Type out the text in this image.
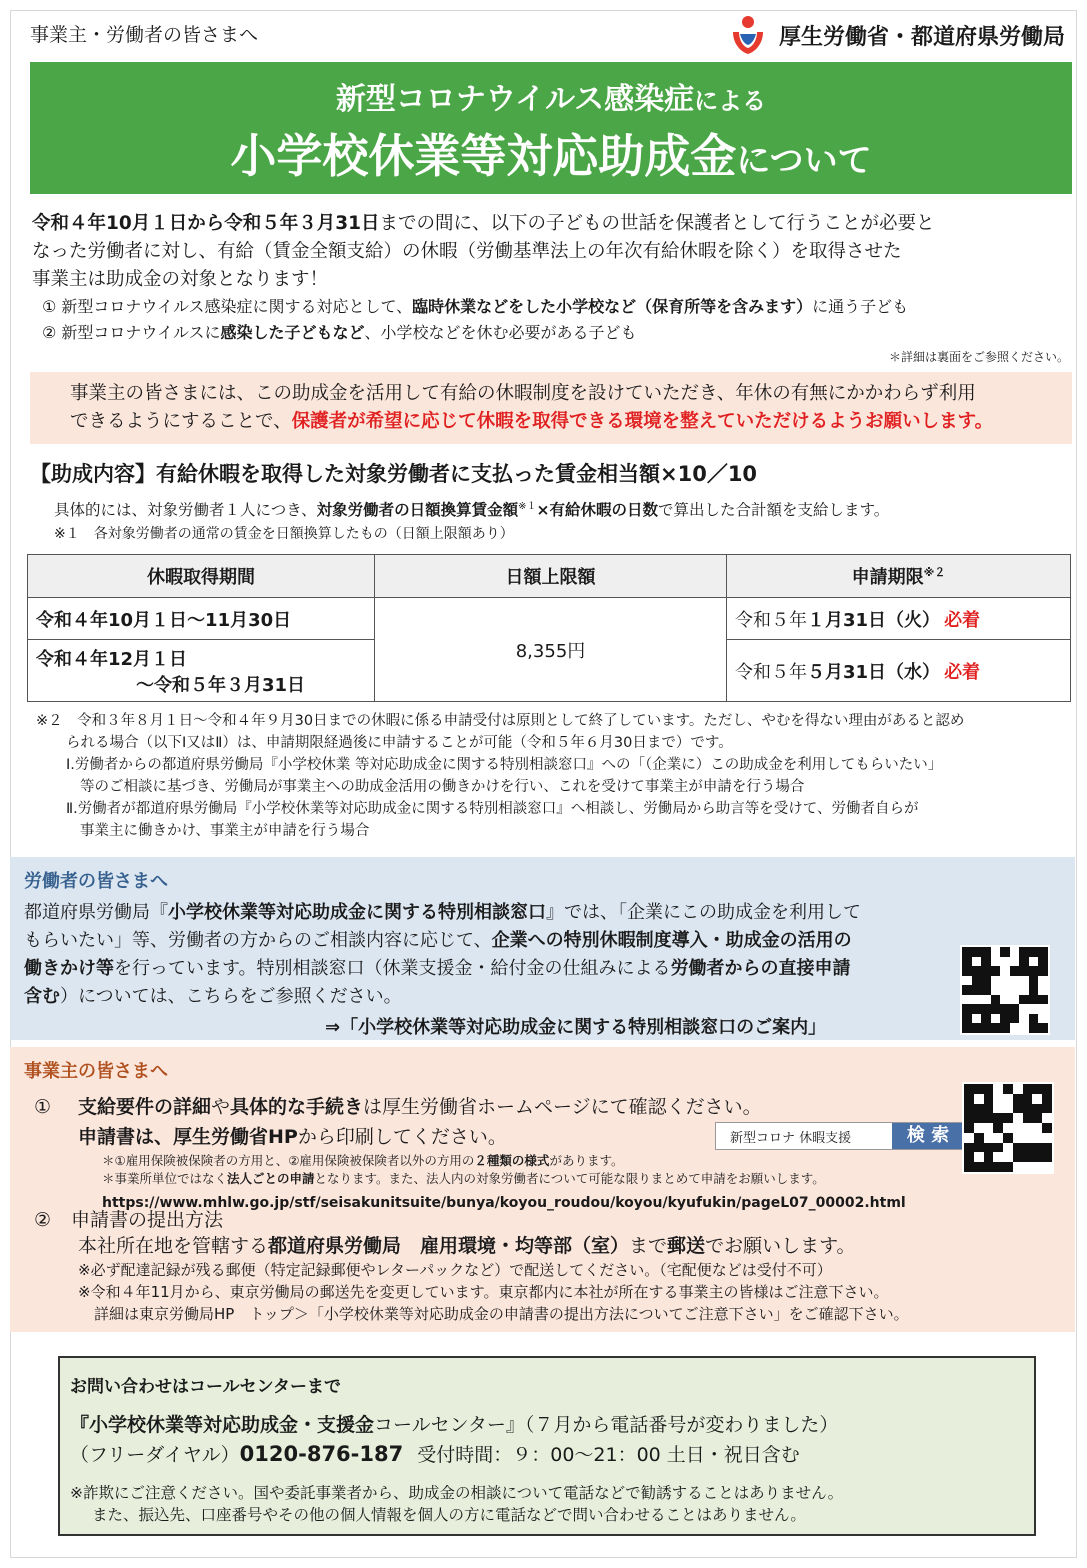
事業主・労働者の皆さまへ	厚生労働省・都道府県労働局
新型コロナウイルス感染症による
小学校休業等対応助成金について
令和４年10月１日から令和５年３月31日までの間に、以下の子どもの世話を保護者として行うことが必要と
なった労働者に対し、有給（賃金全額支給）の休暇（労働基準法上の年次有給休暇を除く）を取得させた
事業主は助成金の対象となります！
① 新型コロナウイルス感染症に関する対応として、臨時休業などをした小学校など（保育所等を含みます）に通う子ども
② 新型コロナウイルスに感染した子どもなど、小学校などを休む必要がある子ども
＊詳細は裏面をご参照ください。
事業主の皆さまには、この助成金を活用して有給の休暇制度を設けていただき、年休の有無にかかわらず利用
できるようにすることで、保護者が希望に応じて休暇を取得できる環境を整えていただけるようお願いします。
【助成内容】有給休暇を取得した対象労働者に支払った賃金相当額×10／10
具体的には、対象労働者１人につき、対象労働者の日額換算賃金額$^{※1}$×有給休暇の日数で算出した合計額を支給します。
※１　各対象労働者の通常の賃金を日額換算したもの（日額上限額あり）
休暇取得期間	日額上限額	申請期限$^{※2}$
令和４年10月１日～11月30日	8,355円	令和５年１月31日（火） 必着
令和４年12月１日
～令和５年３月31日		令和５年５月31日（水） 必着
※２　令和３年８月１日～令和４年９月30日までの休暇に係る申請受付は原則として終了しています。ただし、やむを得ない理由があると認め
られる場合（以下Ⅰ又はⅡ）は、申請期限経過後に申請することが可能（令和５年６月30日まで）です。
Ⅰ.労働者からの都道府県労働局『小学校休業 等対応助成金に関する特別相談窓口』への「（企業に）この助成金を利用してもらいたい」
等のご相談に基づき、労働局が事業主への助成金活用の働きかけを行い、これを受けて事業主が申請を行う場合
Ⅱ.労働者が都道府県労働局『小学校休業等対応助成金に関する特別相談窓口』へ相談し、労働局から助言等を受けて、労働者自らが
事業主に働きかけ、事業主が申請を行う場合
労働者の皆さまへ
都道府県労働局『小学校休業等対応助成金に関する特別相談窓口』では、「企業にこの助成金を利用して
もらいたい」等、労働者の方からのご相談内容に応じて、企業への特別休暇制度導入・助成金の活用の
働きかけ等を行っています。特別相談窓口（休業支援金・給付金の仕組みによる労働者からの直接申請
含む）については、こちらをご参照ください。
⇒「小学校休業等対応助成金に関する特別相談窓口のご案内」
事業主の皆さまへ
① 支給要件の詳細や具体的な手続きは厚生労働省ホームページにて確認ください。
申請書は、厚生労働省HPから印刷してください。
＊①雇用保険被保険者の方用と、②雇用保険被保険者以外の方用の２種類の様式があります。
＊事業所単位ではなく法人ごとの申請となります。また、法人内の対象労働者について可能な限りまとめて申請をお願いします。
https://www.mhlw.go.jp/stf/seisakunitsuite/bunya/koyou_roudou/koyou/kyufukin/pageL07_00002.html
新型コロナ 休暇支援	検 索
② 申請書の提出方法
本社所在地を管轄する都道府県労働局　雇用環境・均等部（室）まで郵送でお願いします。
※必ず配達記録が残る郵便（特定記録郵便やレターパックなど）で配送してください。（宅配便などは受付不可）
※令和４年11月から、東京労働局の郵送先を変更しています。東京都内に本社が所在する事業主の皆様はご注意下さい。
詳細は東京労働局HP　トップ＞「小学校休業等対応助成金の申請書の提出方法についてご注意下さい」をご確認下さい。
お問い合わせはコールセンターまで
『小学校休業等対応助成金・支援金コールセンター』（７月から電話番号が変わりました）
（フリーダイヤル）0120-876-187 受付時間：９：00～21：00 土日・祝日含む
※詐欺にご注意ください。国や委託事業者から、助成金の相談について電話などで勧誘することはありません。
また、振込先、口座番号やその他の個人情報を個人の方に電話などで問い合わせることはありません。
